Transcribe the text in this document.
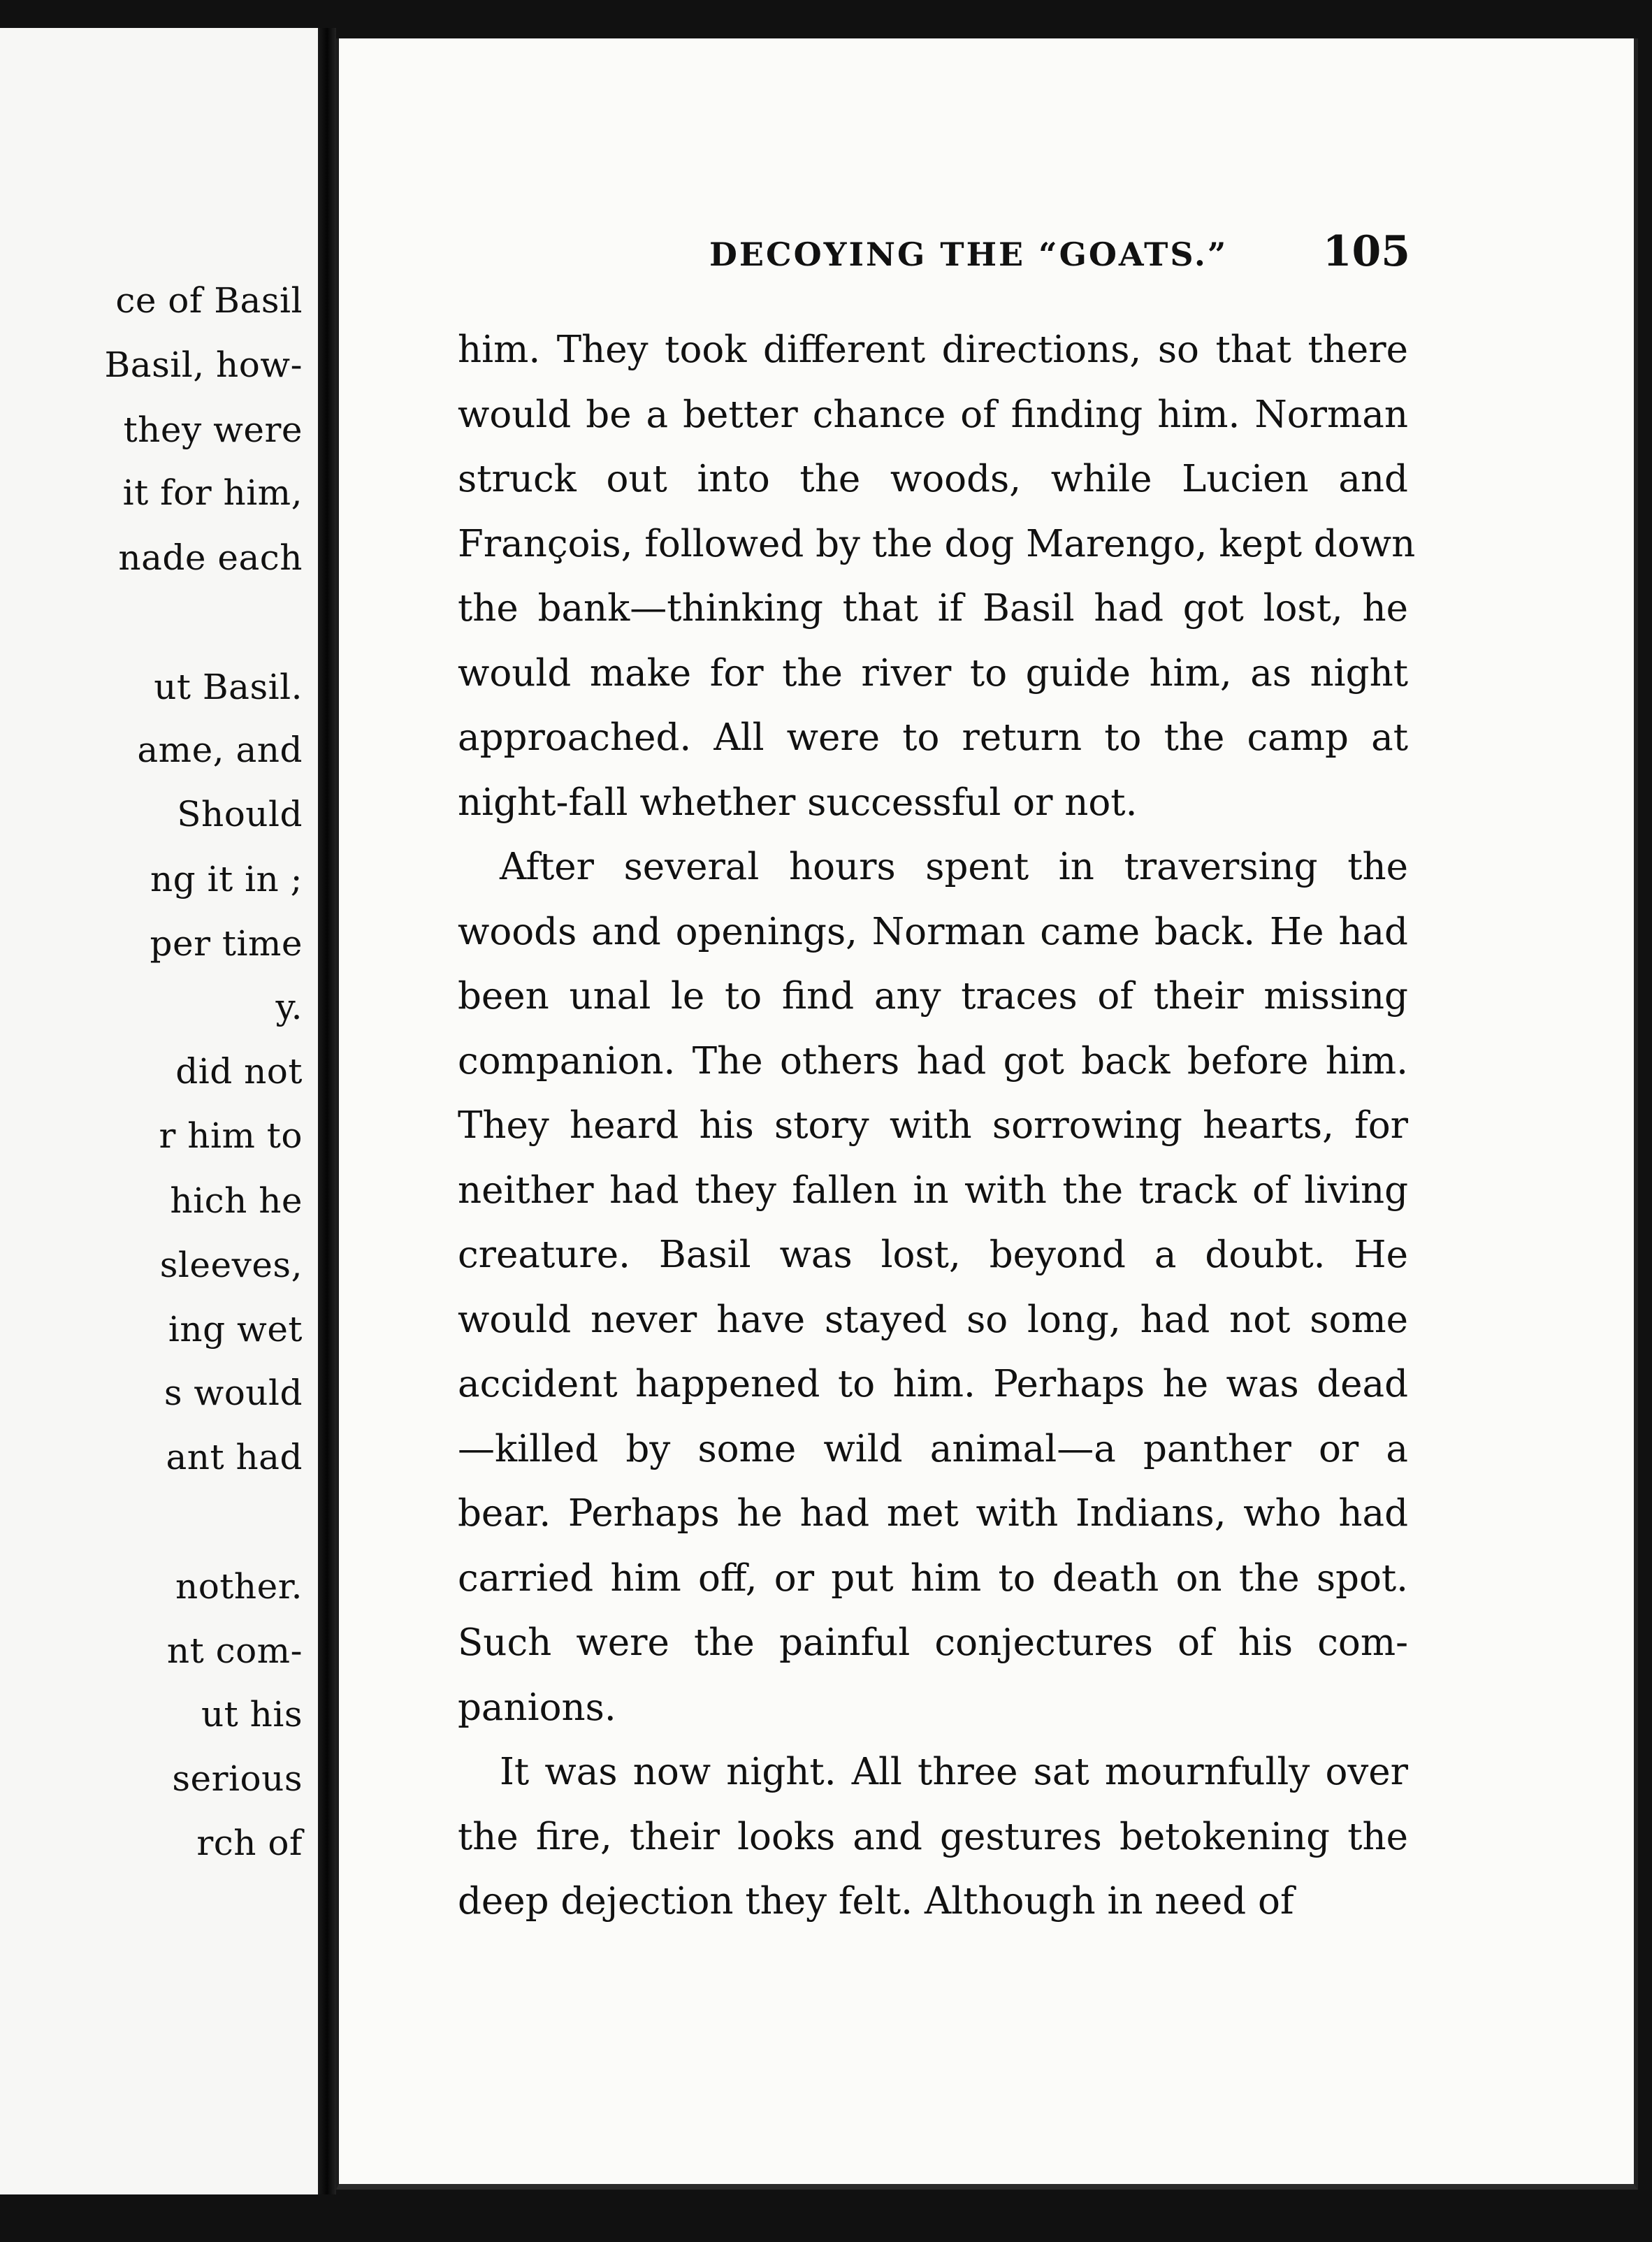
ce of Basil
Basil, how-
they were
it for him,
nade each
ut Basil.
ame, and
Should
ng it in ;
per time
y.
did not
r him to
hich he
sleeves,
ing wet
s would
ant had
nother.
nt com-
ut his
serious
rch of
DECOYING THE “GOATS.” 105
him. They took different directions, so that there
would be a better chance of finding him. Norman
struck out into the woods, while Lucien and
François, followed by the dog Marengo, kept down
the bank—thinking that if Basil had got lost, he
would make for the river to guide him, as night
approached. All were to return to the camp at
night-fall whether successful or not.
After several hours spent in traversing the
woods and openings, Norman came back. He had
been unal le to find any traces of their missing
companion. The others had got back before him.
They heard his story with sorrowing hearts, for
neither had they fallen in with the track of living
creature. Basil was lost, beyond a doubt. He
would never have stayed so long, had not some
accident happened to him. Perhaps he was dead
—killed by some wild animal—a panther or a
bear. Perhaps he had met with Indians, who had
carried him off, or put him to death on the spot.
Such were the painful conjectures of his com-
panions.
It was now night. All three sat mournfully over
the fire, their looks and gestures betokening the
deep dejection they felt. Although in need of
